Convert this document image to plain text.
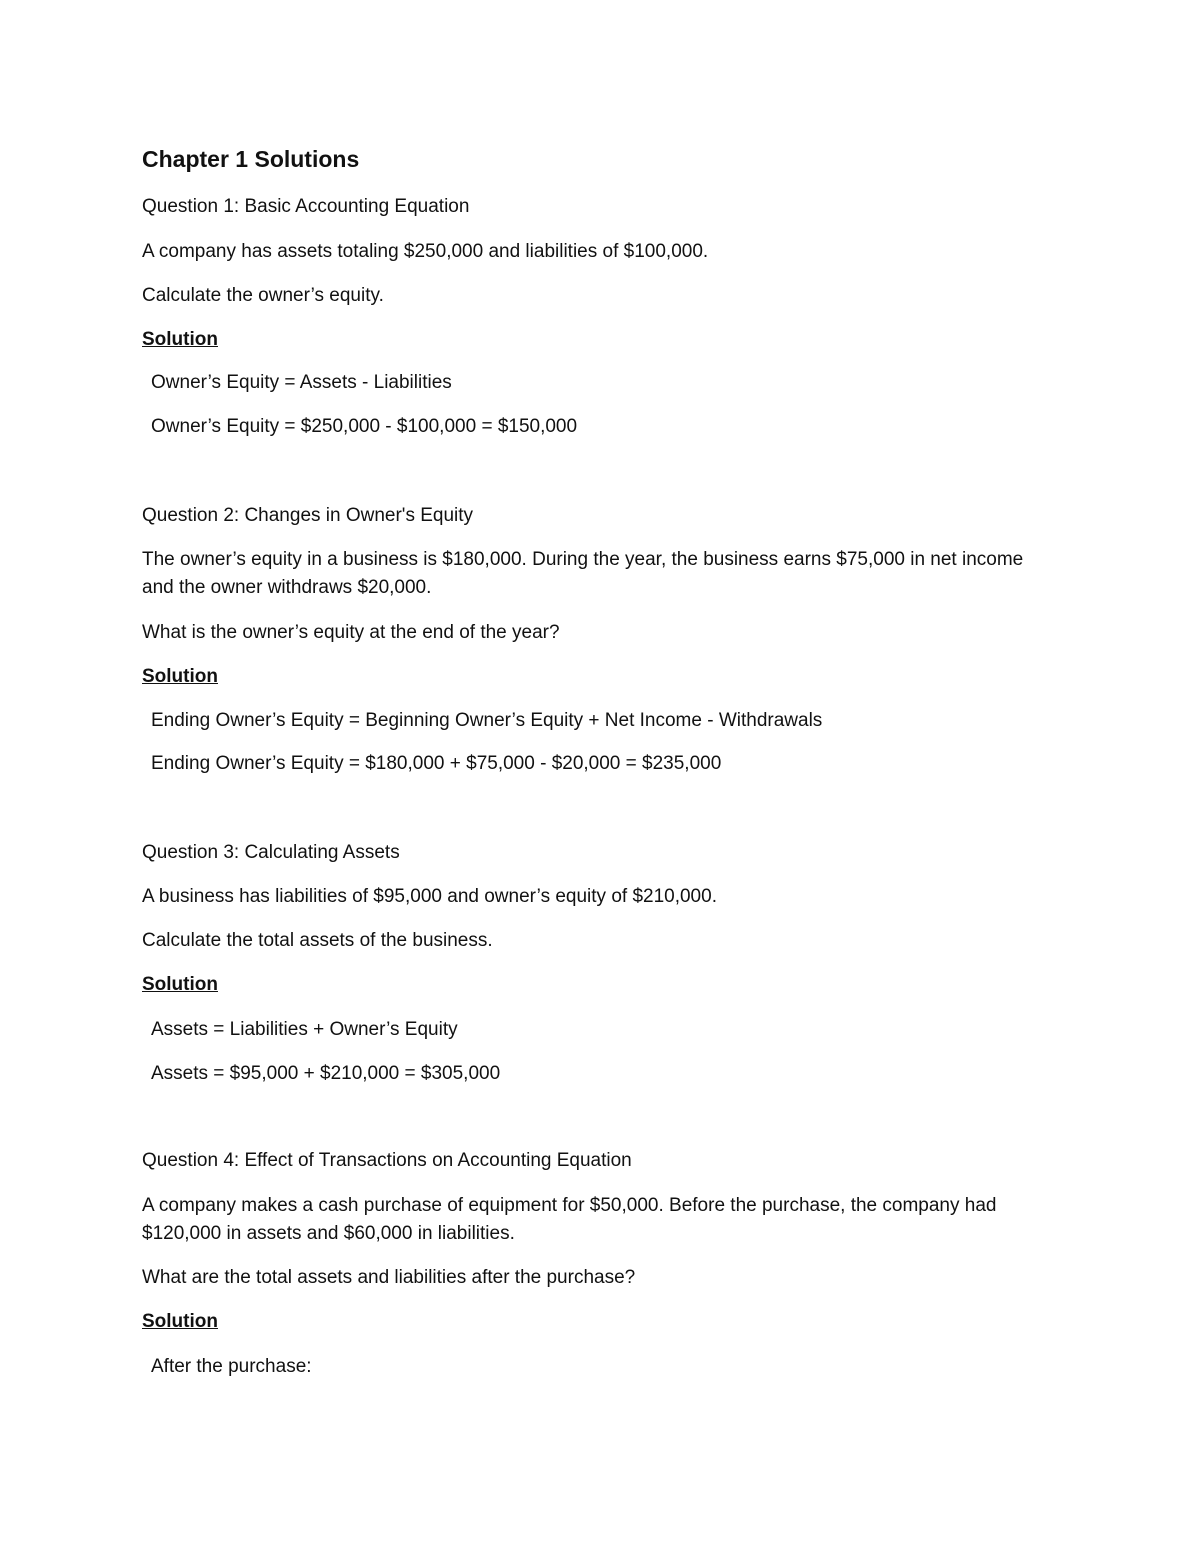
Chapter 1 Solutions
Question 1: Basic Accounting Equation
A company has assets totaling $250,000 and liabilities of $100,000.
Calculate the owner’s equity.
Solution
Owner’s Equity = Assets - Liabilities
Owner’s Equity = $250,000 - $100,000 = $150,000
Question 2: Changes in Owner's Equity
The owner’s equity in a business is $180,000. During the year, the business earns $75,000 in net income
and the owner withdraws $20,000.
What is the owner’s equity at the end of the year?
Solution
Ending Owner’s Equity = Beginning Owner’s Equity + Net Income - Withdrawals
Ending Owner’s Equity = $180,000 + $75,000 - $20,000 = $235,000
Question 3: Calculating Assets
A business has liabilities of $95,000 and owner’s equity of $210,000.
Calculate the total assets of the business.
Solution
Assets = Liabilities + Owner’s Equity
Assets = $95,000 + $210,000 = $305,000
Question 4: Effect of Transactions on Accounting Equation
A company makes a cash purchase of equipment for $50,000. Before the purchase, the company had
$120,000 in assets and $60,000 in liabilities.
What are the total assets and liabilities after the purchase?
Solution
After the purchase:
